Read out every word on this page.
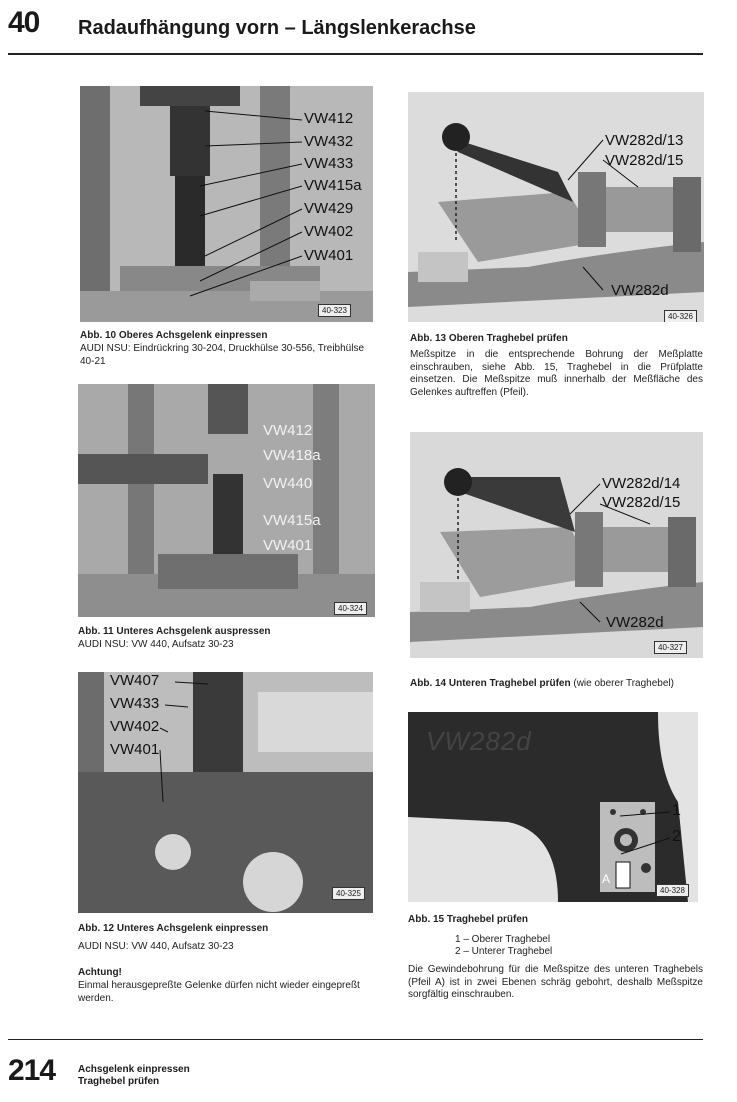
40 Radaufhängung vorn – Längslenkerachse
VW412
VW432
VW433
VW415a
VW429
VW402
VW401
40-323
Abb. 10 Oberes Achsgelenk einpressen
AUDI NSU: Eindrückring 30-204, Druckhülse 30-556, Treibhülse 40-21
VW412
VW418a
VW440
VW415a
VW401
40-324
Abb. 11 Unteres Achsgelenk auspressen
AUDI NSU: VW 440, Aufsatz 30-23
VW407
VW433
VW402
VW401
40-325
Abb. 12 Unteres Achsgelenk einpressen

AUDI NSU: VW 440, Aufsatz 30-23
Achtung!
Einmal herausgepreßte Gelenke dürfen nicht wieder eingepreßt werden.
VW282d/13
VW282d/15
VW282d
40-326
Abb. 13 Oberen Traghebel prüfen
Meßspitze in die entsprechende Bohrung der Meßplatte einschrauben, siehe Abb. 15, Traghebel in die Prüfplatte einsetzen. Die Meßspitze muß innerhalb der Meßfläche des Gelenkes auftreffen (Pfeil).
VW282d/14
VW282d/15
VW282d
40-327
Abb. 14 Unteren Traghebel prüfen (wie oberer Traghebel)
VW282d
1
2
A
40-328
Abb. 15 Traghebel prüfen
1 – Oberer Traghebel
2 – Unterer Traghebel
Die Gewindebohrung für die Meßspitze des unteren Traghebels (Pfeil A) ist in zwei Ebenen schräg gebohrt, deshalb Meßspitze sorgfältig einschrauben.
214 Achsgelenk einpressen
Traghebel prüfen
